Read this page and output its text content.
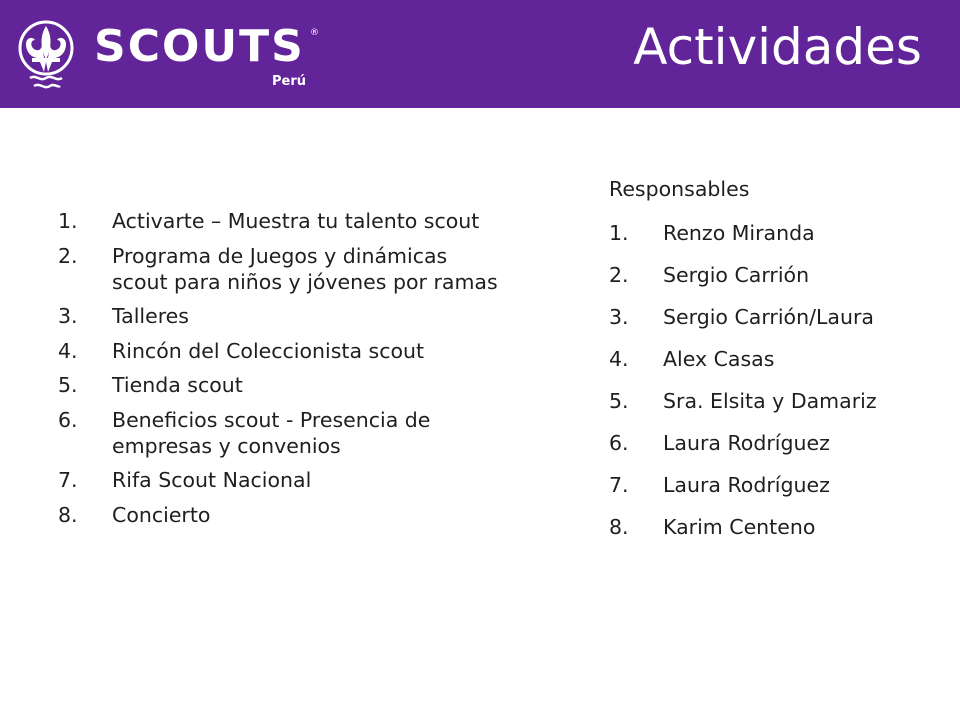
SCOUTS ®
Perú
Actividades
1.	Activarte – Muestra tu talento scout
2.	Programa de Juegos y dinámicas
scout para niños y jóvenes por ramas
3.	Talleres
4.	Rincón del Coleccionista scout
5.	Tienda scout
6.	Beneficios scout - Presencia de
empresas y convenios
7.	Rifa Scout Nacional
8.	Concierto
Responsables
1.	Renzo Miranda
2.	Sergio Carrión
3.	Sergio Carrión/Laura
4.	Alex Casas
5.	Sra. Elsita y Damariz
6.	Laura Rodríguez
7.	Laura Rodríguez
8.	Karim Centeno
